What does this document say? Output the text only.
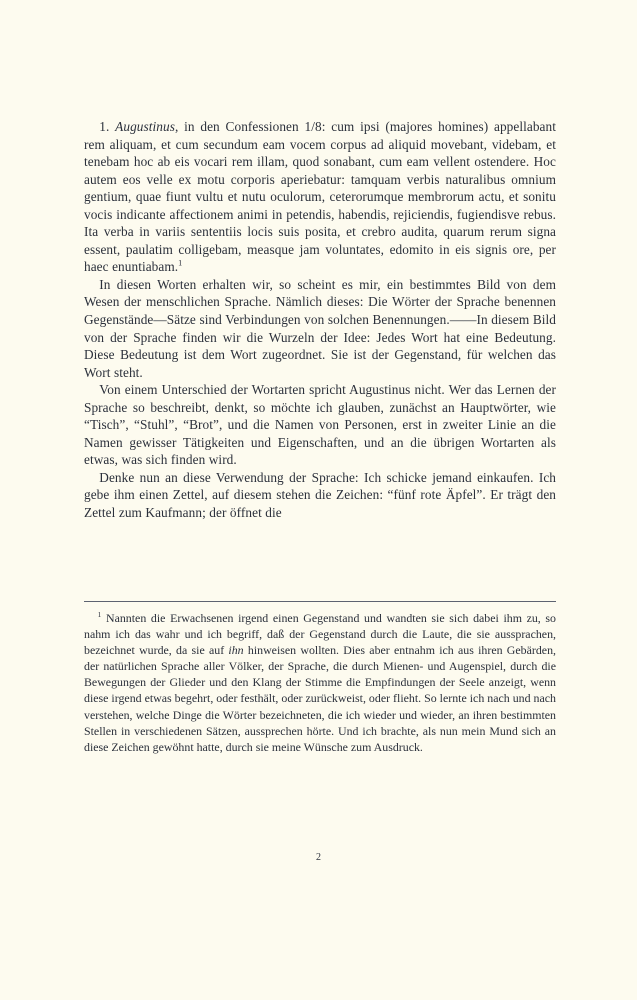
1. Augustinus, in den Confessionen 1/8: cum ipsi (majores homines) appellabant rem aliquam, et cum secundum eam vocem corpus ad aliquid movebant, videbam, et tenebam hoc ab eis vocari rem illam, quod sonabant, cum eam vellent ostendere. Hoc autem eos velle ex motu corporis aperiebatur: tamquam verbis naturalibus omnium gentium, quae fiunt vultu et nutu oculorum, ceterorumque membrorum actu, et sonitu vocis indicante affectionem animi in petendis, habendis, rejiciendis, fugiendisve rebus. Ita verba in variis sententiis locis suis posita, et crebro audita, quarum rerum signa essent, paulatim colligebam, measque jam voluntates, edomito in eis signis ore, per haec enuntiabam.$^1$

In diesen Worten erhalten wir, so scheint es mir, ein bestimmtes Bild von dem Wesen der menschlichen Sprache. Nämlich dieses: Die Wörter der Sprache benennen Gegenstände—Sätze sind Verbindungen von solchen Benennungen.——In diesem Bild von der Sprache finden wir die Wurzeln der Idee: Jedes Wort hat eine Bedeutung. Diese Bedeutung ist dem Wort zugeordnet. Sie ist der Gegenstand, für welchen das Wort steht.

Von einem Unterschied der Wortarten spricht Augustinus nicht. Wer das Lernen der Sprache so beschreibt, denkt, so möchte ich glauben, zunächst an Hauptwörter, wie “Tisch”, “Stuhl”, “Brot”, und die Namen von Personen, erst in zweiter Linie an die Namen gewisser Tätigkeiten und Eigenschaften, und an die übrigen Wortarten als etwas, was sich finden wird.

Denke nun an diese Verwendung der Sprache: Ich schicke jemand einkaufen. Ich gebe ihm einen Zettel, auf diesem stehen die Zeichen: “fünf rote Äpfel”. Er trägt den Zettel zum Kaufmann; der öffnet die

$^1$ Nannten die Erwachsenen irgend einen Gegenstand und wandten sie sich dabei ihm zu, so nahm ich das wahr und ich begriff, daß der Gegenstand durch die Laute, die sie aussprachen, bezeichnet wurde, da sie auf ihn hinweisen wollten. Dies aber entnahm ich aus ihren Gebärden, der natürlichen Sprache aller Völker, der Sprache, die durch Mienen- und Augenspiel, durch die Bewegungen der Glieder und den Klang der Stimme die Empfindungen der Seele anzeigt, wenn diese irgend etwas begehrt, oder festhält, oder zurückweist, oder flieht. So lernte ich nach und nach verstehen, welche Dinge die Wörter bezeichneten, die ich wieder und wieder, an ihren bestimmten Stellen in verschiedenen Sätzen, aussprechen hörte. Und ich brachte, als nun mein Mund sich an diese Zeichen gewöhnt hatte, durch sie meine Wünsche zum Ausdruck.

2
